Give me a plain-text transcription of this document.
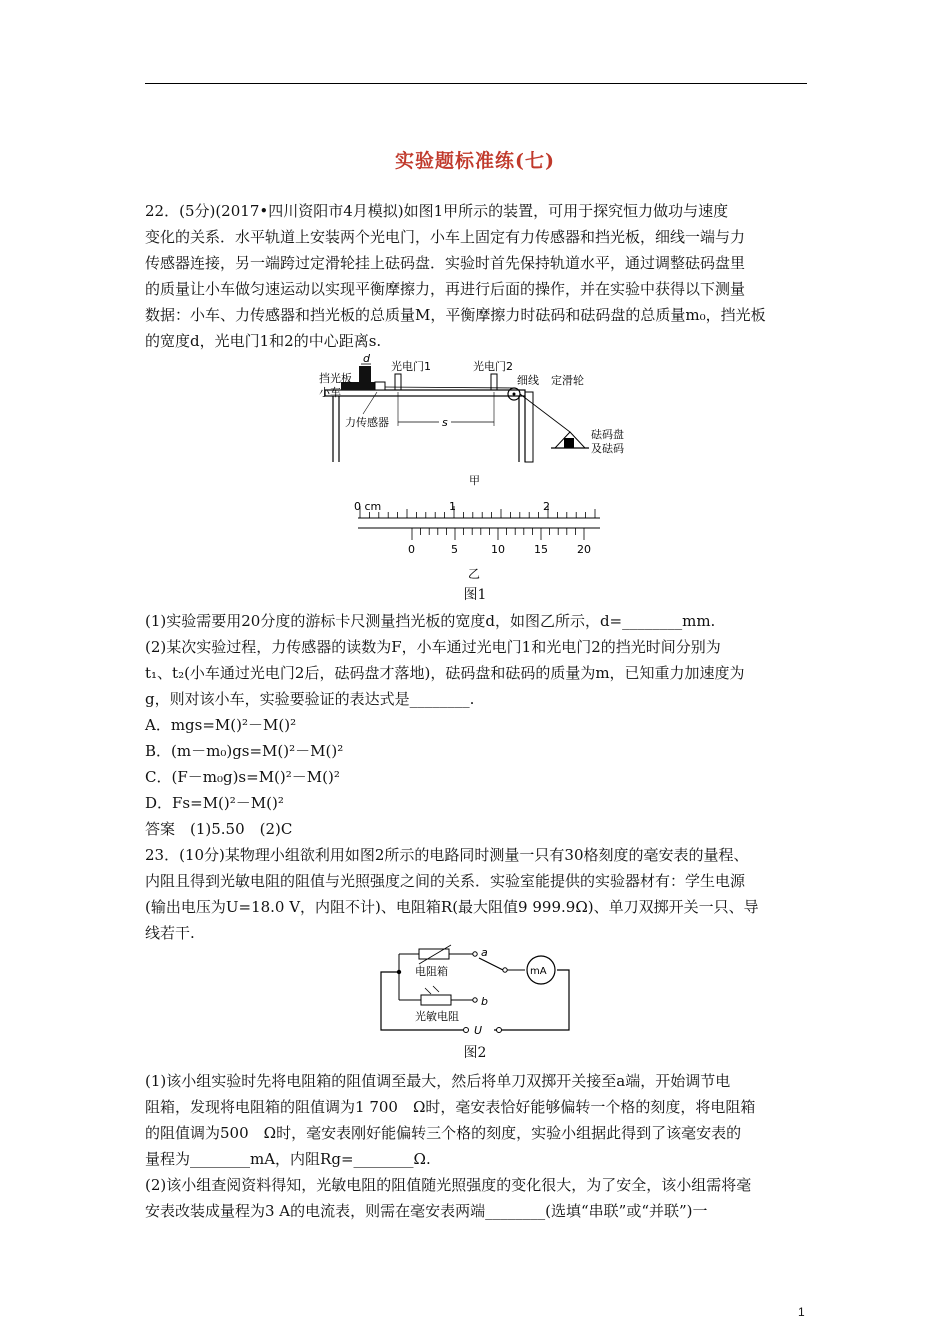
实验题标准练(七)
22．(5分)(2017•四川资阳市4月模拟)如图1甲所示的装置，可用于探究恒力做功与速度
变化的关系．水平轨道上安装两个光电门，小车上固定有力传感器和挡光板，细线一端与力
传感器连接，另一端跨过定滑轮挂上砝码盘．实验时首先保持轨道水平，通过调整砝码盘里
的质量让小车做匀速运动以实现平衡摩擦力，再进行后面的操作，并在实验中获得以下测量
数据：小车、力传感器和挡光板的总质量M，平衡摩擦力时砝码和砝码盘的总质量m₀，挡光板
的宽度d，光电门1和2的中心距离s.
d
光电门1	光电门2
挡光板
小车
细线 定滑轮
力传感器	s
砝码盘
及砝码
甲
0 cm	1	2
0	5	10	15	20
乙
图1
(1)实验需要用20分度的游标卡尺测量挡光板的宽度d，如图乙所示，d=________mm.
(2)某次实验过程，力传感器的读数为F，小车通过光电门1和光电门2的挡光时间分别为
t₁、t₂(小车通过光电门2后，砝码盘才落地)，砝码盘和砝码的质量为m，已知重力加速度为
g，则对该小车，实验要验证的表达式是________.
A．mgs=M()²－M()²
B．(m－m₀)gs=M()²－M()²
C．(F－m₀g)s=M()²－M()²
D．Fs=M()²－M()²
答案　(1)5.50　(2)C
23．(10分)某物理小组欲利用如图2所示的电路同时测量一只有30格刻度的毫安表的量程、
内阻且得到光敏电阻的阻值与光照强度之间的关系．实验室能提供的实验器材有：学生电源
(输出电压为U=18.0 V，内阻不计)、电阻箱R(最大阻值9 999.9Ω)、单刀双掷开关一只、导
线若干.
U
a
电阻箱
b
光敏电阻
mA
图2
(1)该小组实验时先将电阻箱的阻值调至最大，然后将单刀双掷开关接至a端，开始调节电
阻箱，发现将电阻箱的阻值调为1 700　Ω时，毫安表恰好能够偏转一个格的刻度，将电阻箱
的阻值调为500　Ω时，毫安表刚好能偏转三个格的刻度，实验小组据此得到了该毫安表的
量程为________mA，内阻Rg=________Ω.
(2)该小组查阅资料得知，光敏电阻的阻值随光照强度的变化很大，为了安全，该小组需将毫
安表改装成量程为3 A的电流表，则需在毫安表两端________(选填“串联”或“并联”)一
1
